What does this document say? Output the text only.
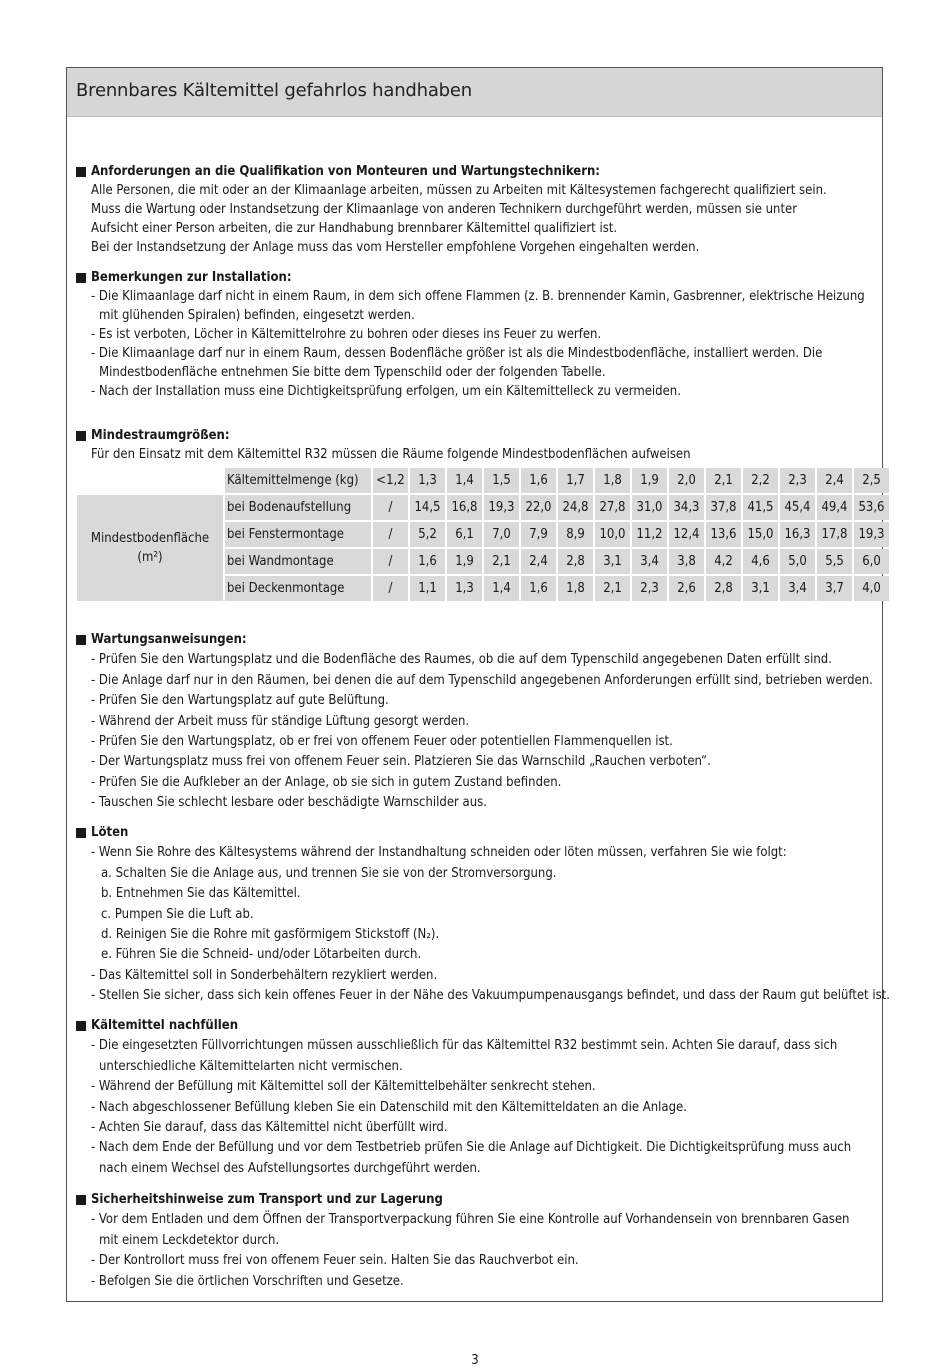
Brennbares Kältemittel gefahrlos handhaben
Anforderungen an die Qualifikation von Monteuren und Wartungstechnikern:
Alle Personen, die mit oder an der Klimaanlage arbeiten, müssen zu Arbeiten mit Kältesystemen fachgerecht qualifiziert sein.
Muss die Wartung oder Instandsetzung der Klimaanlage von anderen Technikern durchgeführt werden, müssen sie unter
Aufsicht einer Person arbeiten, die zur Handhabung brennbarer Kältemittel qualifiziert ist.
Bei der Instandsetzung der Anlage muss das vom Hersteller empfohlene Vorgehen eingehalten werden.
Bemerkungen zur Installation:
- Die Klimaanlage darf nicht in einem Raum, in dem sich offene Flammen (z. B. brennender Kamin, Gasbrenner, elektrische Heizung
mit glühenden Spiralen) befinden, eingesetzt werden.
- Es ist verboten, Löcher in Kältemittelrohre zu bohren oder dieses ins Feuer zu werfen.
- Die Klimaanlage darf nur in einem Raum, dessen Bodenfläche größer ist als die Mindestbodenfläche, installiert werden. Die
Mindestbodenfläche entnehmen Sie bitte dem Typenschild oder der folgenden Tabelle.
- Nach der Installation muss eine Dichtigkeitsprüfung erfolgen, um ein Kältemittelleck zu vermeiden.
Mindestraumgrößen:
Für den Einsatz mit dem Kältemittel R32 müssen die Räume folgende Mindestbodenflächen aufweisen
	Kältemittelmenge (kg)	<1,2	1,3	1,4	1,5	1,6	1,7	1,8	1,9	2,0	2,1	2,2	2,3	2,4	2,5

Mindestbodenfläche
(m²)	bei Bodenaufstellung	/	14,5	16,8	19,3	22,0	24,8	27,8	31,0	34,3	37,8	41,5	45,4	49,4	53,6
	bei Fenstermontage	/	5,2	6,1	7,0	7,9	8,9	10,0	11,2	12,4	13,6	15,0	16,3	17,8	19,3
	bei Wandmontage	/	1,6	1,9	2,1	2,4	2,8	3,1	3,4	3,8	4,2	4,6	5,0	5,5	6,0
	bei Deckenmontage	/	1,1	1,3	1,4	1,6	1,8	2,1	2,3	2,6	2,8	3,1	3,4	3,7	4,0
Wartungsanweisungen:
- Prüfen Sie den Wartungsplatz und die Bodenfläche des Raumes, ob die auf dem Typenschild angegebenen Daten erfüllt sind.
- Die Anlage darf nur in den Räumen, bei denen die auf dem Typenschild angegebenen Anforderungen erfüllt sind, betrieben werden.
- Prüfen Sie den Wartungsplatz auf gute Belüftung.
- Während der Arbeit muss für ständige Lüftung gesorgt werden.
- Prüfen Sie den Wartungsplatz, ob er frei von offenem Feuer oder potentiellen Flammenquellen ist.
- Der Wartungsplatz muss frei von offenem Feuer sein. Platzieren Sie das Warnschild „Rauchen verboten“.
- Prüfen Sie die Aufkleber an der Anlage, ob sie sich in gutem Zustand befinden.
- Tauschen Sie schlecht lesbare oder beschädigte Warnschilder aus.
Löten
- Wenn Sie Rohre des Kältesystems während der Instandhaltung schneiden oder löten müssen, verfahren Sie wie folgt:
a. Schalten Sie die Anlage aus, und trennen Sie sie von der Stromversorgung.
b. Entnehmen Sie das Kältemittel.
c. Pumpen Sie die Luft ab.
d. Reinigen Sie die Rohre mit gasförmigem Stickstoff (N₂).
e. Führen Sie die Schneid- und/oder Lötarbeiten durch.
- Das Kältemittel soll in Sonderbehältern rezykliert werden.
- Stellen Sie sicher, dass sich kein offenes Feuer in der Nähe des Vakuumpumpenausgangs befindet, und dass der Raum gut belüftet ist.
Kältemittel nachfüllen
- Die eingesetzten Füllvorrichtungen müssen ausschließlich für das Kältemittel R32 bestimmt sein. Achten Sie darauf, dass sich
unterschiedliche Kältemittelarten nicht vermischen.
- Während der Befüllung mit Kältemittel soll der Kältemittelbehälter senkrecht stehen.
- Nach abgeschlossener Befüllung kleben Sie ein Datenschild mit den Kältemitteldaten an die Anlage.
- Achten Sie darauf, dass das Kältemittel nicht überfüllt wird.
- Nach dem Ende der Befüllung und vor dem Testbetrieb prüfen Sie die Anlage auf Dichtigkeit. Die Dichtigkeitsprüfung muss auch
nach einem Wechsel des Aufstellungsortes durchgeführt werden.
Sicherheitshinweise zum Transport und zur Lagerung
- Vor dem Entladen und dem Öffnen der Transportverpackung führen Sie eine Kontrolle auf Vorhandensein von brennbaren Gasen
mit einem Leckdetektor durch.
- Der Kontrollort muss frei von offenem Feuer sein. Halten Sie das Rauchverbot ein.
- Befolgen Sie die örtlichen Vorschriften und Gesetze.
3
